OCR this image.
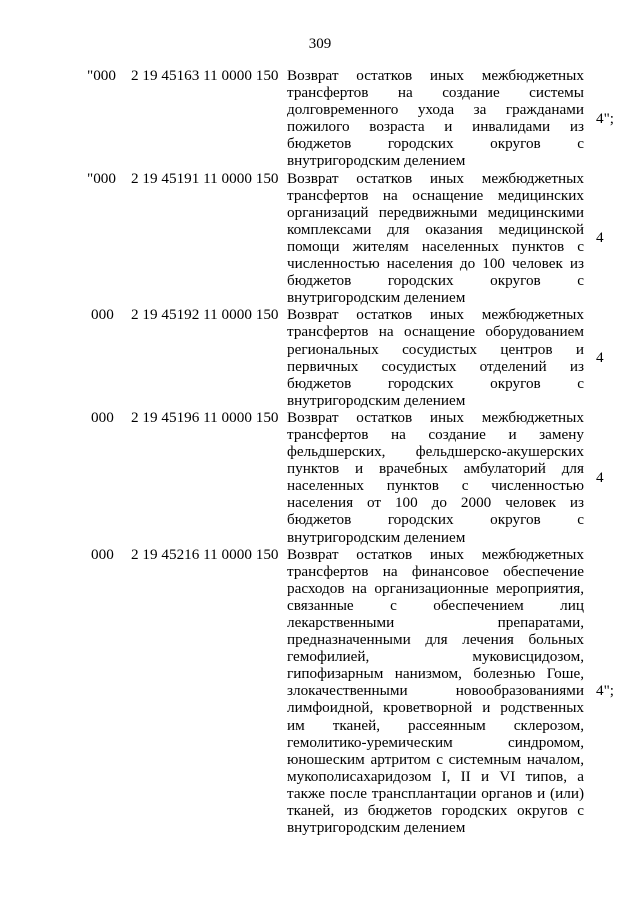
309
"000 2 19 45163 11 0000 150 Возврат остатков иных межбюджетных трансфертов на создание системы долговременного ухода за гражданами пожилого возраста и инвалидами из бюджетов городских округов с внутригородским делением
4";
"000 2 19 45191 11 0000 150 Возврат остатков иных межбюджетных трансфертов на оснащение медицинских организаций передвижными медицинскими комплексами для оказания медицинской помощи жителям населенных пунктов с численностью населения до 100 человек из бюджетов городских округов с внутригородским делением
4
000 2 19 45192 11 0000 150 Возврат остатков иных межбюджетных трансфертов на оснащение оборудованием региональных сосудистых центров и первичных сосудистых отделений из бюджетов городских округов с внутригородским делением
4
000 2 19 45196 11 0000 150 Возврат остатков иных межбюджетных трансфертов на создание и замену фельдшерских, фельдшерско-акушерских пунктов и врачебных амбулаторий для населенных пунктов с численностью населения от 100 до 2000 человек из бюджетов городских округов с внутригородским делением
4
000 2 19 45216 11 0000 150 Возврат остатков иных межбюджетных трансфертов на финансовое обеспечение расходов на организационные мероприятия, связанные с обеспечением лиц лекарственными препаратами, предназначенными для лечения больных гемофилией, муковисцидозом, гипофизарным нанизмом, болезнью Гоше, злокачественными новообразованиями лимфоидной, кроветворной и родственных им тканей, рассеянным склерозом, гемолитико-уремическим синдромом, юношеским артритом с системным началом, мукополисахаридозом I, II и VI типов, а также после трансплантации органов и (или) тканей, из бюджетов городских округов с внутригородским делением
4";
